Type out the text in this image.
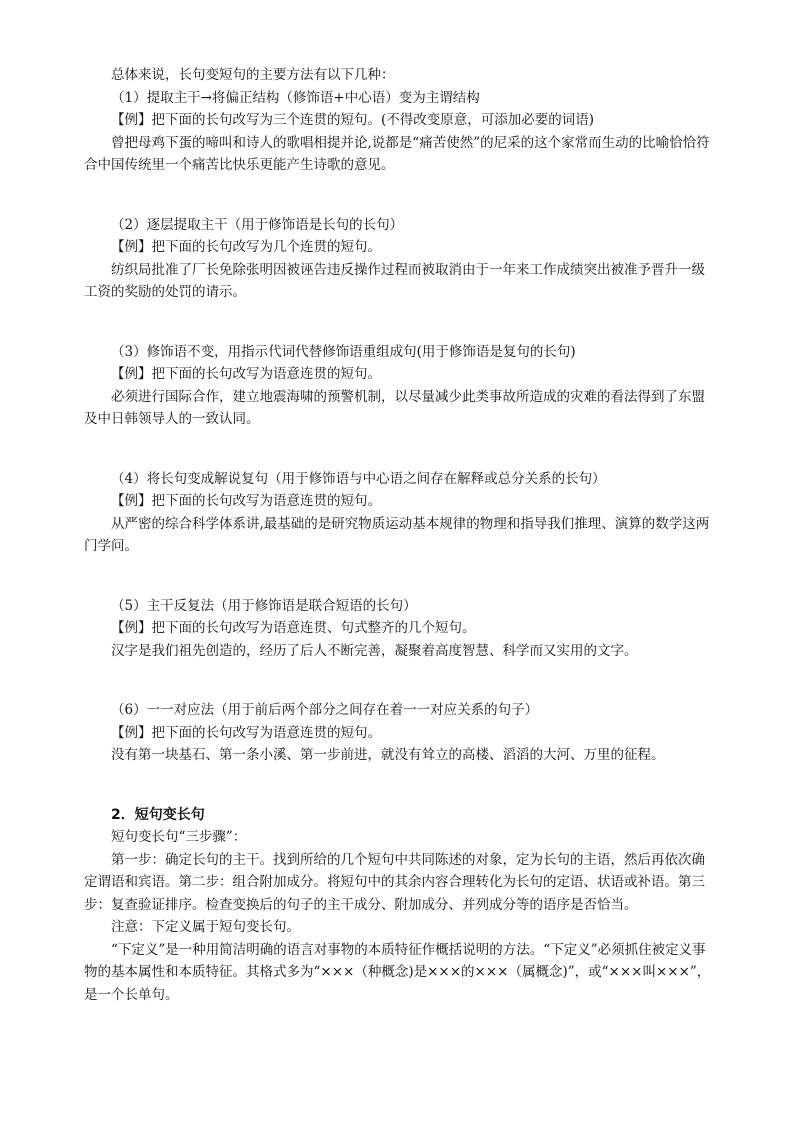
总体来说，长句变短句的主要方法有以下几种：

（1）提取主干→将偏正结构（修饰语+中心语）变为主谓结构

【例】把下面的长句改写为三个连贯的短句。(不得改变原意，可添加必要的词语)

曾把母鸡下蛋的啼叫和诗人的歌唱相提并论,说都是“痛苦使然”的尼采的这个家常而生动的比喻恰恰符合中国传统里一个痛苦比快乐更能产生诗歌的意见。

（2）逐层提取主干（用于修饰语是长句的长句）

【例】把下面的长句改写为几个连贯的短句。

纺织局批准了厂长免除张明因被诬告违反操作过程而被取消由于一年来工作成绩突出被准予晋升一级工资的奖励的处罚的请示。

（3）修饰语不变，用指示代词代替修饰语重组成句(用于修饰语是复句的长句)

【例】把下面的长句改写为语意连贯的短句。

必须进行国际合作，建立地震海啸的预警机制，以尽量减少此类事故所造成的灾难的看法得到了东盟及中日韩领导人的一致认同。

（4）将长句变成解说复句（用于修饰语与中心语之间存在解释或总分关系的长句）

【例】把下面的长句改写为语意连贯的短句。

从严密的综合科学体系讲,最基础的是研究物质运动基本规律的物理和指导我们推理、演算的数学这两门学问。

（5）主干反复法（用于修饰语是联合短语的长句）

【例】把下面的长句改写为语意连贯、句式整齐的几个短句。

汉字是我们祖先创造的，经历了后人不断完善，凝聚着高度智慧、科学而又实用的文字。

（6）一一对应法（用于前后两个部分之间存在着一一对应关系的句子）

【例】把下面的长句改写为语意连贯的短句。

没有第一块基石、第一条小溪、第一步前进，就没有耸立的高楼、滔滔的大河、万里的征程。

2．短句变长句

短句变长句“三步骤”：

第一步：确定长句的主干。找到所给的几个短句中共同陈述的对象，定为长句的主语，然后再依次确定谓语和宾语。第二步：组合附加成分。将短句中的其余内容合理转化为长句的定语、状语或补语。第三步：复查验证排序。检查变换后的句子的主干成分、附加成分、并列成分等的语序是否恰当。

注意：下定义属于短句变长句。

“下定义”是一种用简洁明确的语言对事物的本质特征作概括说明的方法。“下定义”必须抓住被定义事物的基本属性和本质特征。其格式多为“×××（种概念)是×××的×××（属概念)”，或“×××叫×××”，是一个长单句。
